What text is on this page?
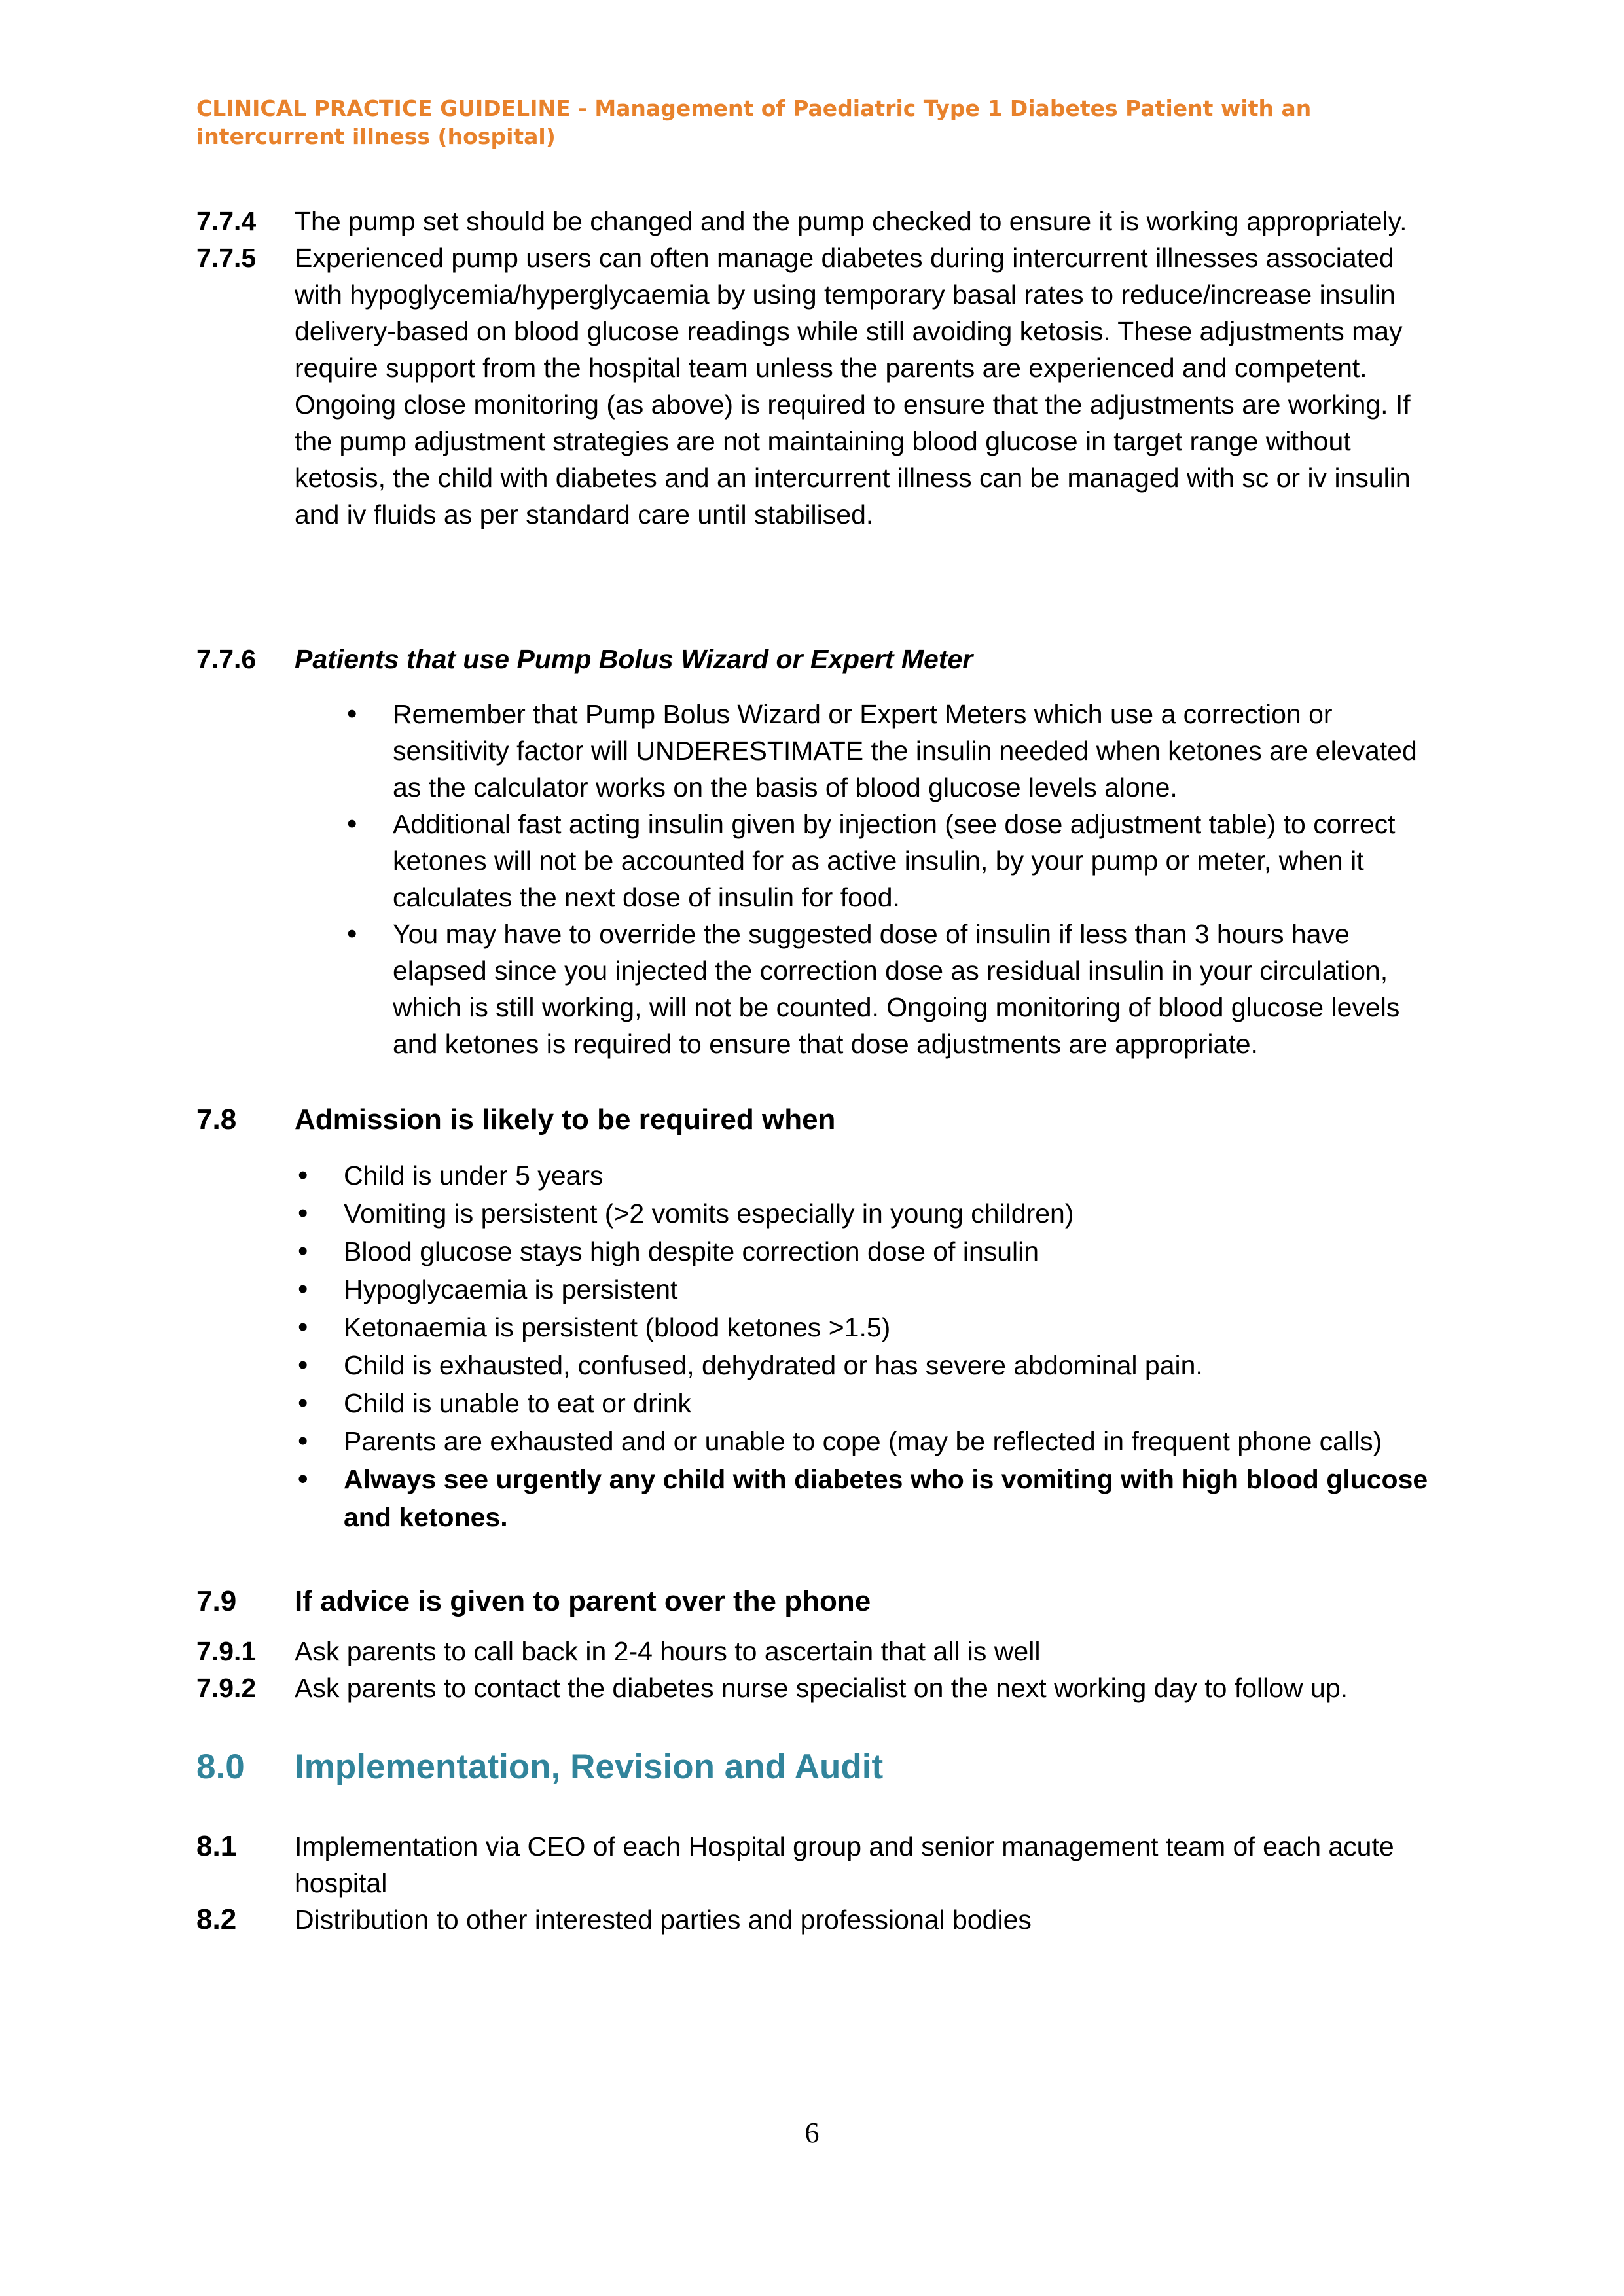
CLINICAL PRACTICE GUIDELINE - Management of Paediatric Type 1 Diabetes Patient with an
intercurrent illness (hospital)
7.7.4	The pump set should be changed and the pump checked to ensure it is working appropriately.
7.7.5	Experienced pump users can often manage diabetes during intercurrent illnesses associated with hypoglycemia/hyperglycaemia by using temporary basal rates to reduce/increase insulin delivery-based on blood glucose readings while still avoiding ketosis. These adjustments may require support from the hospital team unless the parents are experienced and competent. Ongoing close monitoring (as above) is required to ensure that the adjustments are working. If the pump adjustment strategies are not maintaining blood glucose in target range without ketosis, the child with diabetes and an intercurrent illness can be managed with sc or iv insulin and iv fluids as per standard care until stabilised.
7.7.6	Patients that use Pump Bolus Wizard or Expert Meter
• Remember that Pump Bolus Wizard or Expert Meters which use a correction or sensitivity factor will UNDERESTIMATE the insulin needed when ketones are elevated as the calculator works on the basis of blood glucose levels alone.
• Additional fast acting insulin given by injection (see dose adjustment table) to correct ketones will not be accounted for as active insulin, by your pump or meter, when it calculates the next dose of insulin for food.
• You may have to override the suggested dose of insulin if less than 3 hours have elapsed since you injected the correction dose as residual insulin in your circulation, which is still working, will not be counted. Ongoing monitoring of blood glucose levels and ketones is required to ensure that dose adjustments are appropriate.
7.8	Admission is likely to be required when
• Child is under 5 years
• Vomiting is persistent (>2 vomits especially in young children)
• Blood glucose stays high despite correction dose of insulin
• Hypoglycaemia is persistent
• Ketonaemia is persistent (blood ketones >1.5)
• Child is exhausted, confused, dehydrated or has severe abdominal pain.
• Child is unable to eat or drink
• Parents are exhausted and or unable to cope (may be reflected in frequent phone calls)
• Always see urgently any child with diabetes who is vomiting with high blood glucose and ketones.
7.9	If advice is given to parent over the phone
7.9.1	Ask parents to call back in 2-4 hours to ascertain that all is well
7.9.2	Ask parents to contact the diabetes nurse specialist on the next working day to follow up.
8.0	Implementation, Revision and Audit
8.1	Implementation via CEO of each Hospital group and senior management team of each acute hospital
8.2	Distribution to other interested parties and professional bodies
6
